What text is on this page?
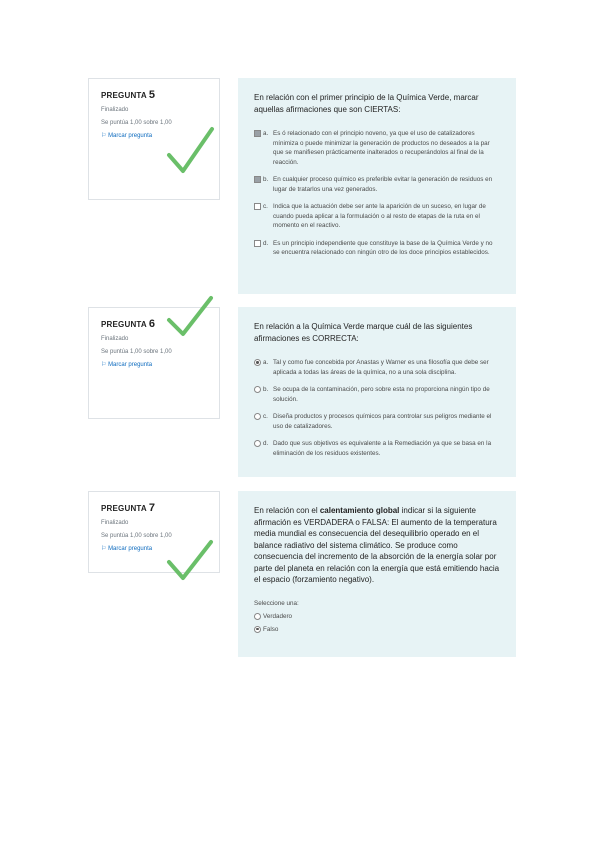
PREGUNTA 5
Finalizado
Se puntúa 1,00 sobre 1,00
⚐ Marcar pregunta
En relación con el primer principio de la Química Verde, marcar aquellas afirmaciones que son CIERTAS:
a. Es ó relacionado con el principio noveno, ya que el uso de catalizadores mínimiza o puede minimizar la generación de productos no deseados a la par que se manifiesen prácticamente inalterados o recuperándolos al final de la reacción.
b. En cualquier proceso químico es preferible evitar la generación de residuos en lugar de tratarlos una vez generados.
c. Indica que la actuación debe ser ante la aparición de un suceso, en lugar de cuando pueda aplicar a la formulación o al resto de etapas de la ruta en el momento en el reactivo.
d. Es un principio independiente que constituye la base de la Química Verde y no se encuentra relacionado con ningún otro de los doce principios establecidos.
PREGUNTA 6
Finalizado
Se puntúa 1,00 sobre 1,00
⚐ Marcar pregunta
En relación a la Química Verde marque cuál de las siguientes afirmaciones es CORRECTA:
a. Tal y como fue concebida por Anastas y Warner es una filosofía que debe ser aplicada a todas las áreas de la química, no a una sola disciplina.
b. Se ocupa de la contaminación, pero sobre esta no proporciona ningún tipo de solución.
c. Diseña productos y procesos químicos para controlar sus peligros mediante el uso de catalizadores.
d. Dado que sus objetivos es equivalente a la Remediación ya que se basa en la eliminación de los residuos existentes.
PREGUNTA 7
Finalizado
Se puntúa 1,00 sobre 1,00
⚐ Marcar pregunta
En relación con el calentamiento global indicar si la siguiente afirmación es VERDADERA o FALSA: El aumento de la temperatura media mundial es consecuencia del desequilibrio operado en el balance radiativo del sistema climático. Se produce como consecuencia del incremento de la absorción de la energía solar por parte del planeta en relación con la energía que está emitiendo hacia el espacio (forzamiento negativo).
Seleccione una:
Verdadero
Falso
